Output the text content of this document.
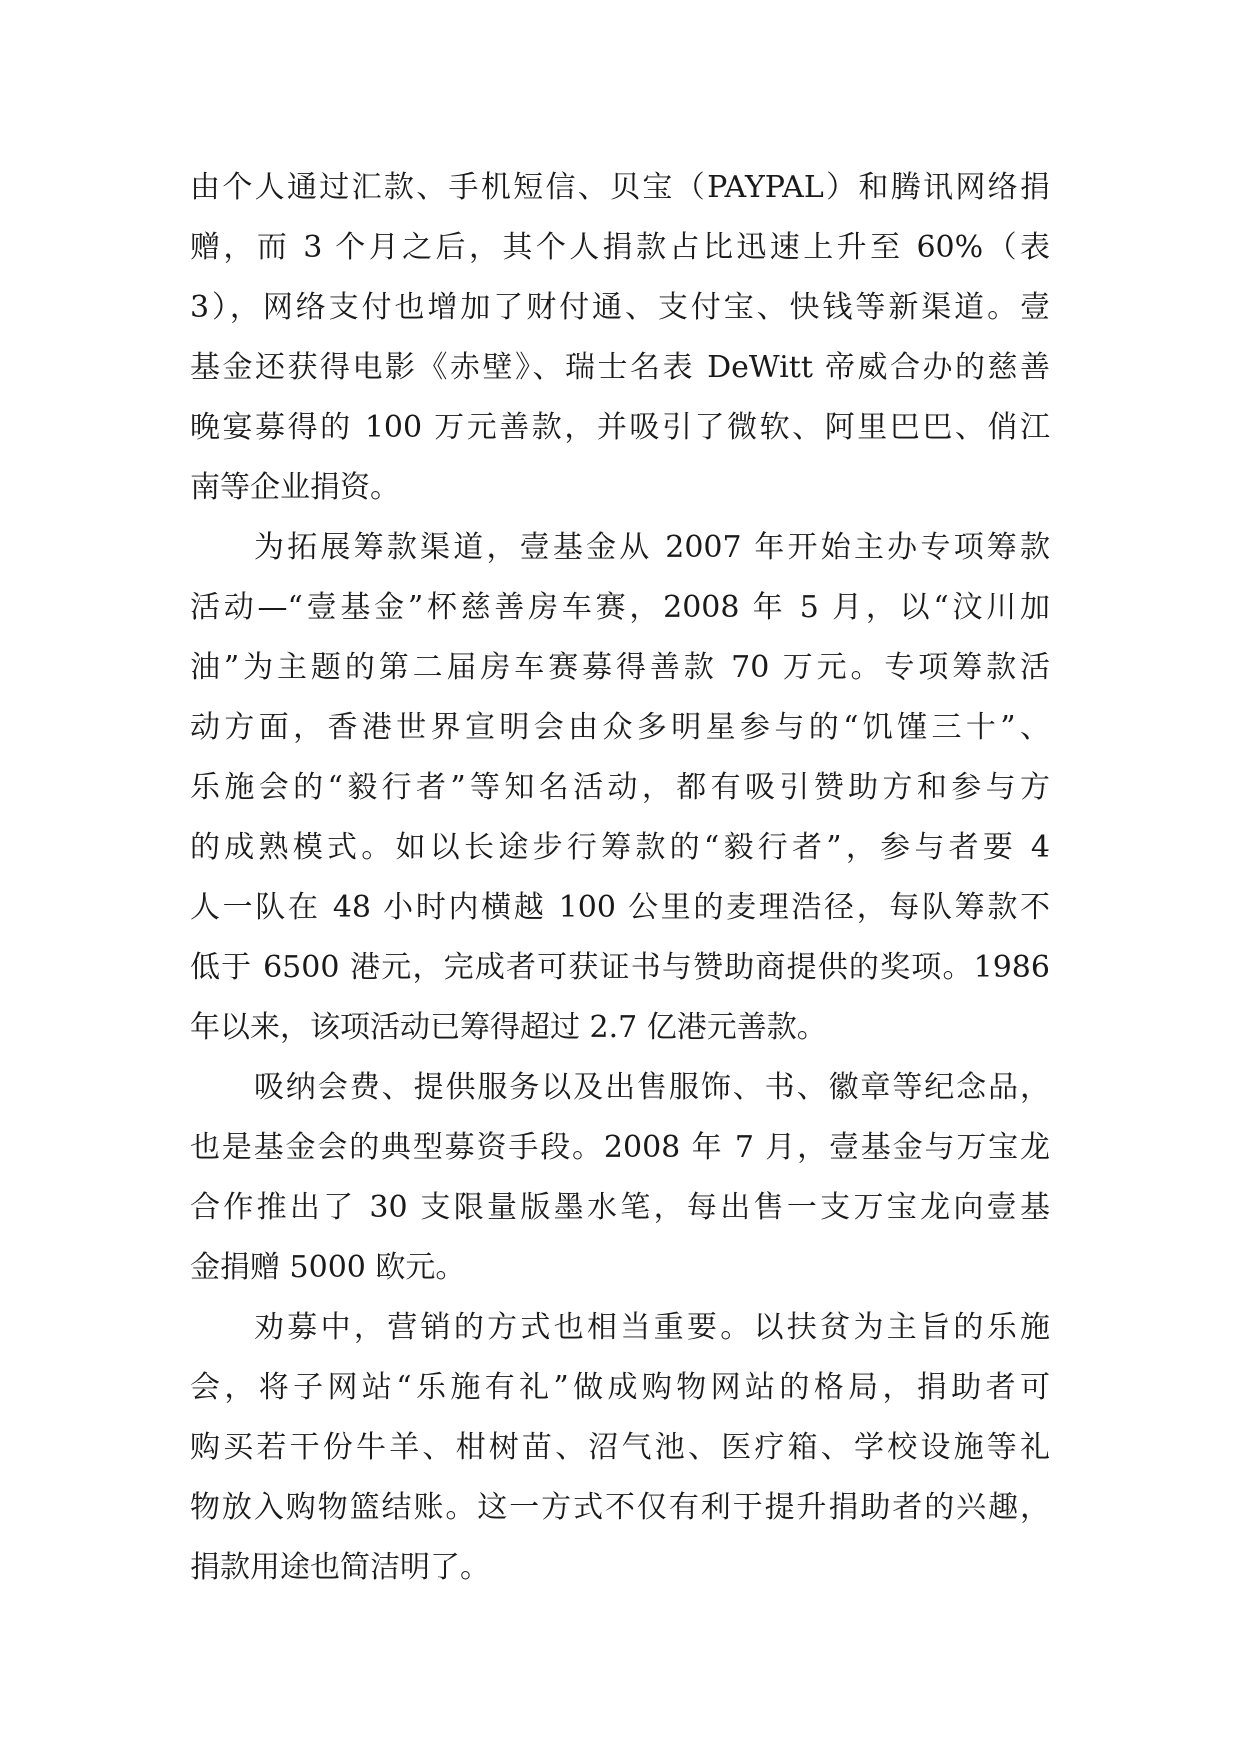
由个人通过汇款、手机短信、贝宝（PAYPAL）和腾讯网络捐
赠，而 3 个月之后，其个人捐款占比迅速上升至 60%（表
3），网络支付也增加了财付通、支付宝、快钱等新渠道。壹
基金还获得电影《赤壁》、瑞士名表 DeWitt 帝威合办的慈善
晚宴募得的 100 万元善款，并吸引了微软、阿里巴巴、俏江
南等企业捐资。
为拓展筹款渠道，壹基金从 2007 年开始主办专项筹款
活动—“壹基金”杯慈善房车赛，2008 年 5 月，以“汶川加
油”为主题的第二届房车赛募得善款 70 万元。专项筹款活
动方面，香港世界宣明会由众多明星参与的“饥馑三十”、
乐施会的“毅行者”等知名活动，都有吸引赞助方和参与方
的成熟模式。如以长途步行筹款的“毅行者”，参与者要 4
人一队在 48 小时内横越 100 公里的麦理浩径，每队筹款不
低于 6500 港元，完成者可获证书与赞助商提供的奖项。1986
年以来，该项活动已筹得超过 2.7 亿港元善款。
吸纳会费、提供服务以及出售服饰、书、徽章等纪念品，
也是基金会的典型募资手段。2008 年 7 月，壹基金与万宝龙
合作推出了 30 支限量版墨水笔，每出售一支万宝龙向壹基
金捐赠 5000 欧元。
劝募中，营销的方式也相当重要。以扶贫为主旨的乐施
会，将子网站“乐施有礼”做成购物网站的格局，捐助者可
购买若干份牛羊、柑树苗、沼气池、医疗箱、学校设施等礼
物放入购物篮结账。这一方式不仅有利于提升捐助者的兴趣，
捐款用途也简洁明了。
